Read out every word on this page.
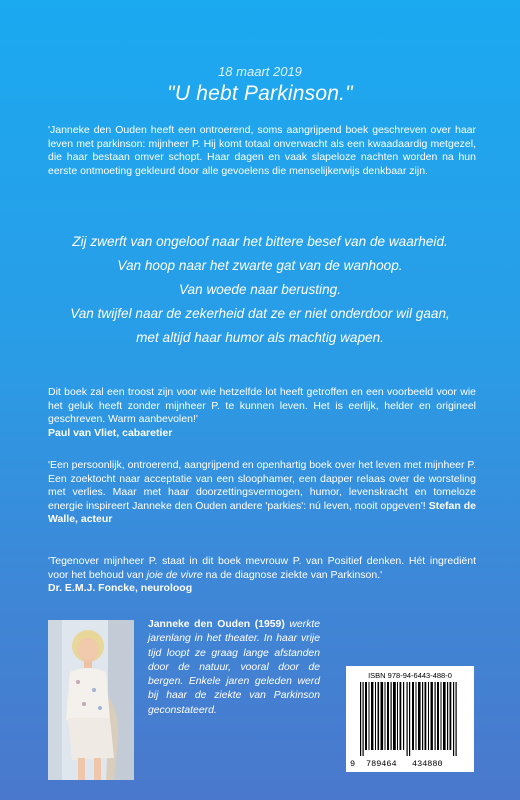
18 maart 2019
"U hebt Parkinson."
'Janneke den Ouden heeft een ontroerend, soms aangrijpend boek geschreven over haar leven met parkinson: mijnheer P. Hij komt totaal onverwacht als een kwaadaardig metgezel, die haar bestaan omver schopt. Haar dagen en vaak slapeloze nachten worden na hun eerste ontmoeting gekleurd door alle gevoelens die menselijkerwijs denkbaar zijn.
Zij zwerft van ongeloof naar het bittere besef van de waarheid.
Van hoop naar het zwarte gat van de wanhoop.
Van woede naar berusting.
Van twijfel naar de zekerheid dat ze er niet onderdoor wil gaan,
met altijd haar humor als machtig wapen.
Dit boek zal een troost zijn voor wie hetzelfde lot heeft getroffen en een voorbeeld voor wie het geluk heeft zonder mijnheer P. te kunnen leven. Het is eerlijk, helder en origineel geschreven. Warm aanbevolen!'
Paul van Vliet, cabaretier
'Een persoonlijk, ontroerend, aangrijpend en openhartig boek over het leven met mijnheer P. Een zoektocht naar acceptatie van een sloophamer, een dapper relaas over de worsteling met verlies. Maar met haar doorzettingsvermogen, humor, levenskracht en tomeloze energie inspireert Janneke den Ouden andere 'parkies': nú leven, nooit opgeven'! Stefan de Walle, acteur
'Tegenover mijnheer P. staat in dit boek mevrouw P. van Positief denken. Hét ingrediënt voor het behoud van joie de vivre na de diagnose ziekte van Parkinson.'
Dr. E.M.J. Foncke, neuroloog
Janneke den Ouden (1959) werkte jarenlang in het theater. In haar vrije tijd loopt ze graag lange afstanden door de natuur, vooral door de bergen. Enkele jaren geleden werd bij haar de ziekte van Parkinson geconstateerd.
ISBN 978-94-6443-488-0
9 789464 434880
